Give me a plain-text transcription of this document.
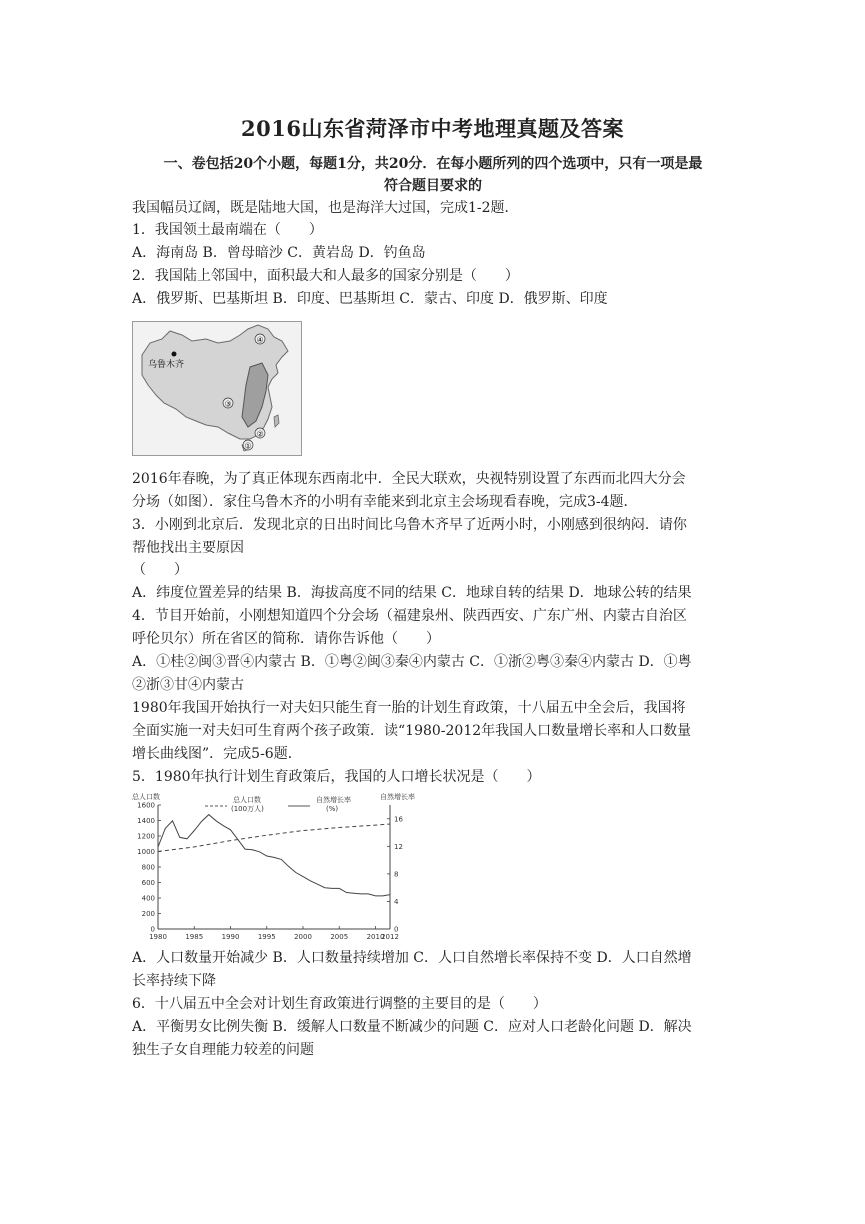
2016山东省菏泽市中考地理真题及答案
一、卷包括20个小题，每题1分，共20分．在每小题所列的四个选项中，只有一项是最
符合题目要求的
我国幅员辽阔，既是陆地大国，也是海洋大过国，完成1-2题．
1．我国领土最南端在（　　）
A．海南岛 B．曾母暗沙 C．黄岩岛 D．钓鱼岛
2．我国陆上邻国中，面积最大和人最多的国家分别是（　　）
A．俄罗斯、巴基斯坦 B．印度、巴基斯坦 C．蒙古、印度 D．俄罗斯、印度
乌鲁木齐
④
③
②
①
2016年春晚，为了真正体现东西南北中．全民大联欢，央视特别设置了东西而北四大分会
分场（如图）．家住乌鲁木齐的小明有幸能来到北京主会场现看春晚，完成3-4题．
3．小刚到北京后．发现北京的日出时间比乌鲁木齐早了近两小时，小刚感到很纳闷．请你
帮他找出主要原因
（　　）
A．纬度位置差异的结果 B．海拔高度不同的结果 C．地球自转的结果 D．地球公转的结果
4．节目开始前，小刚想知道四个分会场（福建泉州、陕西西安、广东广州、内蒙古自治区
呼伦贝尔）所在省区的简称．请你告诉他（　　）
A．①桂②闽③晋④内蒙古 B．①粤②闽③秦④内蒙古 C．①浙②粤③秦④内蒙古 D．①粤
②浙③甘④内蒙古
1980年我国开始执行一对夫妇只能生育一胎的计划生育政策，十八届五中全会后，我国将
全面实施一对夫妇可生育两个孩子政策．读“1980-2012年我国人口数量增长率和人口数量
增长曲线图”．完成5-6题．
5．1980年执行计划生育政策后，我国的人口增长状况是（　　）
总人口数	自然增长率
总人口数
(100万人)
自然增长率
(%)
1600
1400
1200
1000
800
600
400
200
0
16
12
8
4
0
1980	1985	1990	1995	2000	2005	2010
2012
A．人口数量开始减少 B．人口数量持续增加 C．人口自然增长率保持不变 D．人口自然增
长率持续下降
6．十八届五中全会对计划生育政策进行调整的主要目的是（　　）
A．平衡男女比例失衡 B．缓解人口数量不断减少的问题 C．应对人口老龄化问题 D．解决
独生子女自理能力较差的问题
